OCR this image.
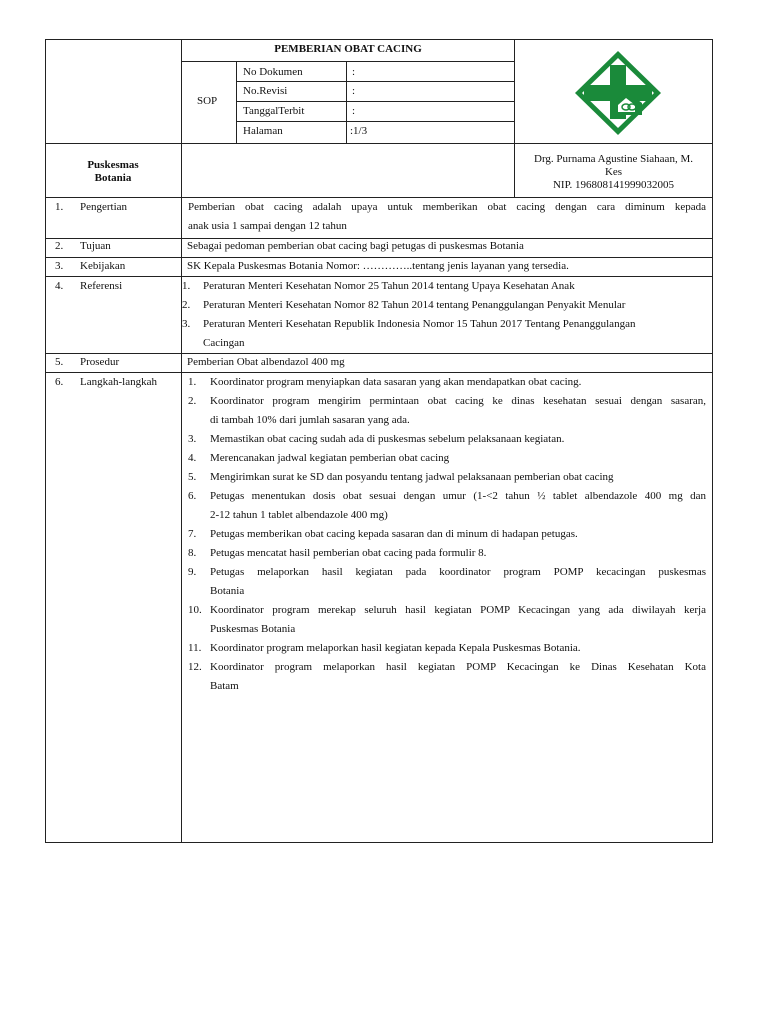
PEMBERIAN OBAT CACING
SOP
No Dokumen	:
No.Revisi	:
TanggalTerbit	:
Halaman	:1/3
Puskesmas
Botania
Drg. Purnama Agustine Siahaan, M.
Kes
NIP. 196808141999032005
1. Pengertian	Pemberian obat cacing adalah upaya untuk memberikan obat cacing dengan cara diminum kepada
anak usia 1 sampai dengan 12 tahun
2. Tujuan	Sebagai pedoman pemberian obat cacing bagi petugas di puskesmas Botania
3. Kebijakan	SK Kepala Puskesmas Botania Nomor: …………..tentang jenis layanan yang tersedia.
4. Referensi	1. Peraturan Menteri Kesehatan Nomor 25 Tahun 2014 tentang Upaya Kesehatan Anak
2. Peraturan Menteri Kesehatan Nomor 82 Tahun 2014 tentang Penanggulangan Penyakit Menular
3. Peraturan Menteri Kesehatan Republik Indonesia Nomor 15 Tahun 2017 Tentang Penanggulangan
Cacingan
5. Prosedur	Pemberian Obat albendazol 400 mg
6. Langkah-langkah	1. Koordinator program menyiapkan data sasaran yang akan mendapatkan obat cacing.
2. Koordinator program mengirim permintaan obat cacing ke dinas kesehatan sesuai dengan sasaran,
di tambah 10% dari jumlah sasaran yang ada.
3. Memastikan obat cacing sudah ada di puskesmas sebelum pelaksanaan kegiatan.
4. Merencanakan jadwal kegiatan pemberian obat cacing
5. Mengirimkan surat ke SD dan posyandu tentang jadwal pelaksanaan pemberian obat cacing
6. Petugas menentukan dosis obat sesuai dengan umur (1-<2 tahun ½ tablet albendazole 400 mg dan
2-12 tahun 1 tablet albendazole 400 mg)
7. Petugas memberikan obat cacing kepada sasaran dan di minum di hadapan petugas.
8. Petugas mencatat hasil pemberian obat cacing pada formulir 8.
9. Petugas melaporkan hasil kegiatan pada koordinator program POMP kecacingan puskesmas
Botania
10. Koordinator program merekap seluruh hasil kegiatan POMP Kecacingan yang ada diwilayah kerja
Puskesmas Botania
11. Koordinator program melaporkan hasil kegiatan kepada Kepala Puskesmas Botania.
12. Koordinator program melaporkan hasil kegiatan POMP Kecacingan ke Dinas Kesehatan Kota
Batam
